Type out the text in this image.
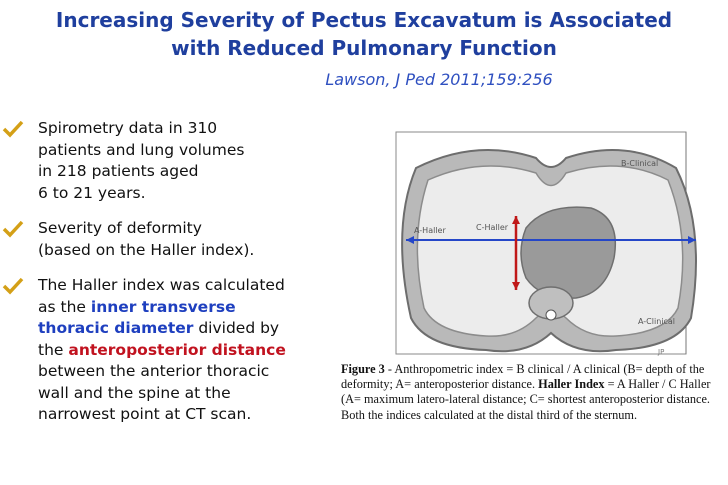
Increasing Severity of Pectus Excavatum is Associated
with Reduced Pulmonary Function
Lawson, J Ped 2011;159:256
Spirometry data in 310
patients and lung volumes
in 218 patients aged
6 to 21 years.
Severity of deformity
(based on the Haller index).
The Haller index was calculated
as the inner transverse
thoracic diameter divided by
the anteroposterior distance
between the anterior thoracic
wall and the spine at the
narrowest point at CT scan.
B-Clinical
A-Haller	C-Haller
A-Clinical
JP
Figure 3 - Anthropometric index = B clinical / A clinical (B= depth of the
deformity; A= anteroposterior distance. Haller Index = A Haller / C Haller
(A= maximum latero-lateral distance; C= shortest anteroposterior distance.
Both the indices calculated at the distal third of the sternum.
